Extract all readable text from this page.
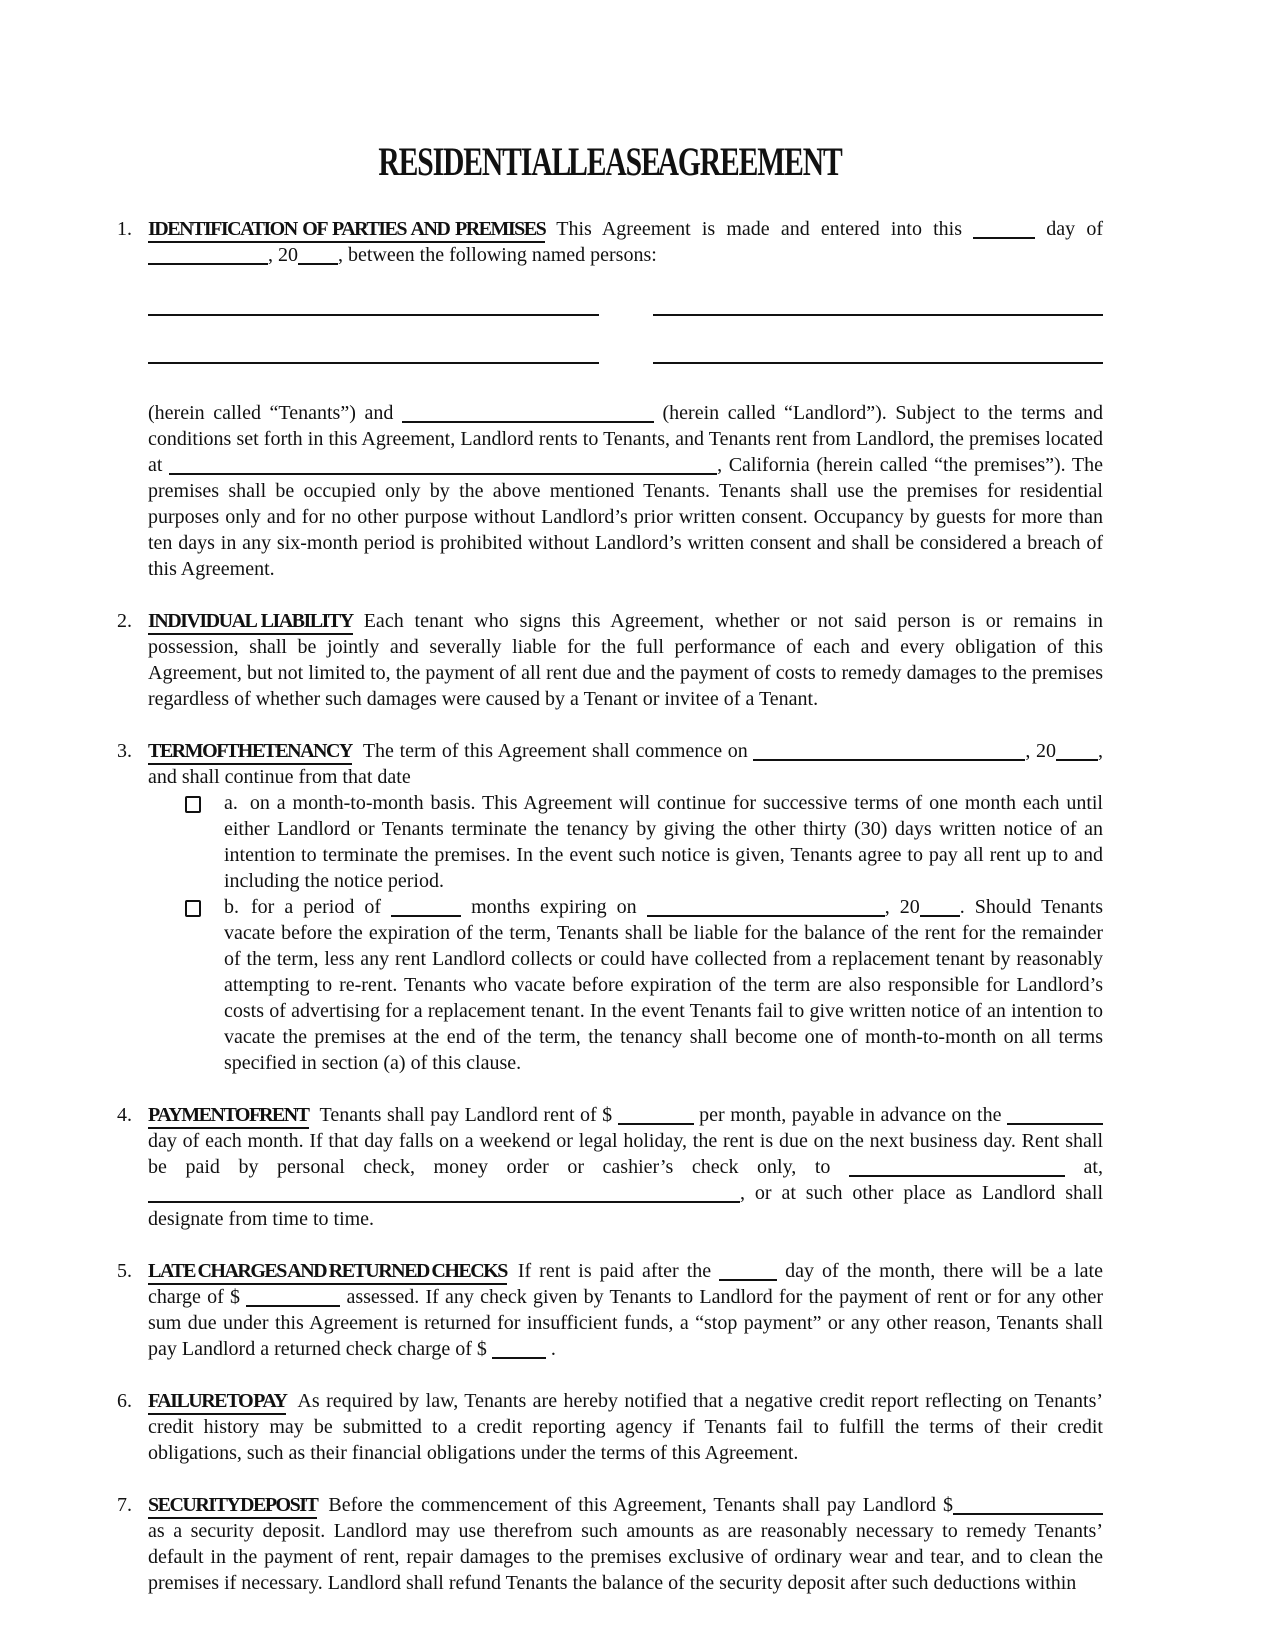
RESIDENTIAL LEASE AGREEMENT
1. IDENTIFICATION OF PARTIES AND PREMISES This Agreement is made and entered into this	day of , 20 , between the following named persons:

(herein called “Tenants”) and	(herein called “Landlord”). Subject to the terms and conditions set forth in this Agreement, Landlord rents to Tenants, and Tenants rent from Landlord, the premises located at	, California (herein called “the premises”). The premises shall be occupied only by the above mentioned Tenants. Tenants shall use the premises for residential purposes only and for no other purpose without Landlord’s prior written consent. Occupancy by guests for more than ten days in any six-month period is prohibited without Landlord’s written consent and shall be considered a breach of this Agreement.

2. INDIVIDUAL LIABILITY Each tenant who signs this Agreement, whether or not said person is or remains in possession, shall be jointly and severally liable for the full performance of each and every obligation of this Agreement, but not limited to, the payment of all rent due and the payment of costs to remedy damages to the premises regardless of whether such damages were caused by a Tenant or invitee of a Tenant.

3. TERM OF THE TENANCY The term of this Agreement shall commence on	, 20 , and shall continue from that date

a. on a month-to-month basis. This Agreement will continue for successive terms of one month each until either Landlord or Tenants terminate the tenancy by giving the other thirty (30) days written notice of an intention to terminate the premises. In the event such notice is given, Tenants agree to pay all rent up to and including the notice period.

b. for a period of	months expiring on	, 20 . Should Tenants vacate before the expiration of the term, Tenants shall be liable for the balance of the rent for the remainder of the term, less any rent Landlord collects or could have collected from a replacement tenant by reasonably attempting to re-rent. Tenants who vacate before expiration of the term are also responsible for Landlord’s costs of advertising for a replacement tenant. In the event Tenants fail to give written notice of an intention to vacate the premises at the end of the term, the tenancy shall become one of month-to-month on all terms specified in section (a) of this clause.

4. PAYMENT OF RENT Tenants shall pay Landlord rent of $	per month, payable in advance on the  day of each month. If that day falls on a weekend or legal holiday, the rent is due on the next business day. Rent shall be paid by personal check, money order or cashier’s check only, to	at, , or at such other place as Landlord shall designate from time to time.

5. LATE CHARGES AND RETURNED CHECKS If rent is paid after the	day of the month, there will be a late charge of $	assessed. If any check given by Tenants to Landlord for the payment of rent or for any other sum due under this Agreement is returned for insufficient funds, a “stop payment” or any other reason, Tenants shall pay Landlord a returned check charge of $	.

6. FAILURE TO PAY As required by law, Tenants are hereby notified that a negative credit report reflecting on Tenants’ credit history may be submitted to a credit reporting agency if Tenants fail to fulfill the terms of their credit obligations, such as their financial obligations under the terms of this Agreement.

7. SECURITY DEPOSIT Before the commencement of this Agreement, Tenants shall pay Landlord $ as a security deposit. Landlord may use therefrom such amounts as are reasonably necessary to remedy Tenants’ default in the payment of rent, repair damages to the premises exclusive of ordinary wear and tear, and to clean the premises if necessary. Landlord shall refund Tenants the balance of the security deposit after such deductions within
